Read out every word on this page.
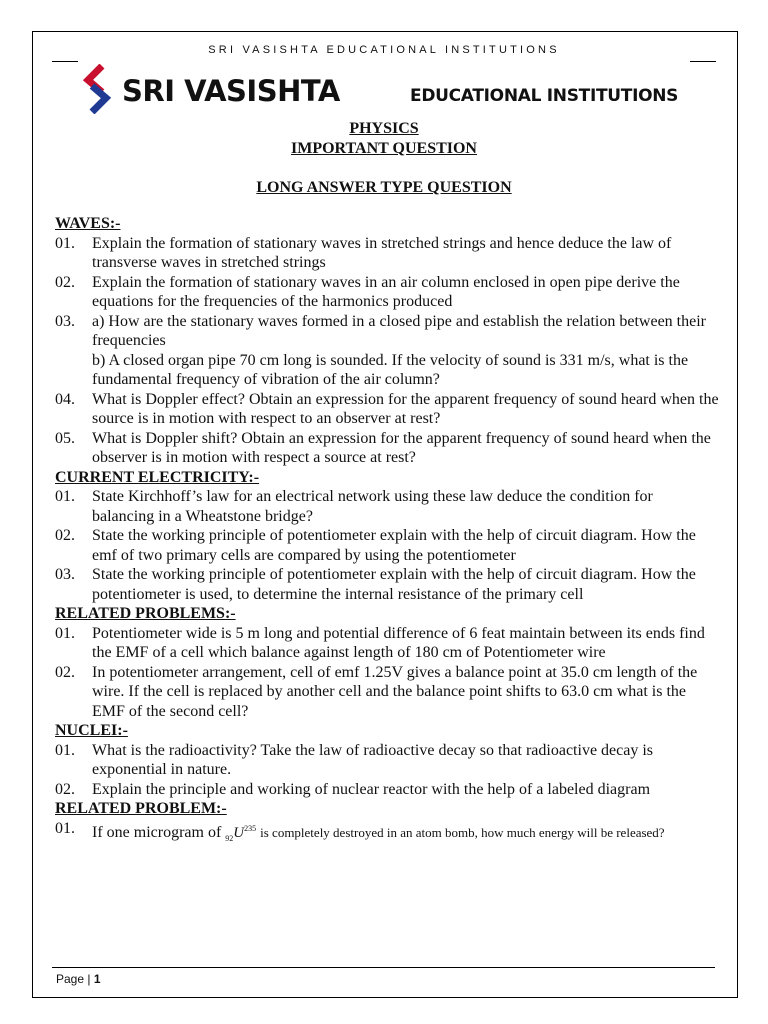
SRI VASISHTA EDUCATIONAL INSTITUTIONS
SRI VASISHTA	EDUCATIONAL INSTITUTIONS
PHYSICS
IMPORTANT QUESTION
LONG ANSWER TYPE QUESTION
WAVES:-
01. Explain the formation of stationary waves in stretched strings and hence deduce the law of transverse waves in stretched strings
02. Explain the formation of stationary waves in an air column enclosed in open pipe derive the equations for the frequencies of the harmonics produced
03. a) How are the stationary waves formed in a closed pipe and establish the relation between their frequencies
b) A closed organ pipe 70 cm long is sounded. If the velocity of sound is 331 m/s, what is the fundamental frequency of vibration of the air column?
04. What is Doppler effect? Obtain an expression for the apparent frequency of sound heard when the source is in motion with respect to an observer at rest?
05. What is Doppler shift? Obtain an expression for the apparent frequency of sound heard when the observer is in motion with respect a source at rest?
CURRENT ELECTRICITY:-
01. State Kirchhoff’s law for an electrical network using these law deduce the condition for balancing in a Wheatstone bridge?
02. State the working principle of potentiometer explain with the help of circuit diagram. How the emf of two primary cells are compared by using the potentiometer
03. State the working principle of potentiometer explain with the help of circuit diagram. How the potentiometer is used, to determine the internal resistance of the primary cell
RELATED PROBLEMS:-
01. Potentiometer wide is 5 m long and potential difference of 6 feat maintain between its ends find the EMF of a cell which balance against length of 180 cm of Potentiometer wire
02. In potentiometer arrangement, cell of emf 1.25V gives a balance point at 35.0 cm length of the wire. If the cell is replaced by another cell and the balance point shifts to 63.0 cm what is the EMF of the second cell?
NUCLEI:-
01. What is the radioactivity? Take the law of radioactive decay so that radioactive decay is exponential in nature.
02. Explain the principle and working of nuclear reactor with the help of a labeled diagram
RELATED PROBLEM:-
01. If one microgram of $_{92}U^{235}$ is completely destroyed in an atom bomb, how much energy will be released?
Page | 1
